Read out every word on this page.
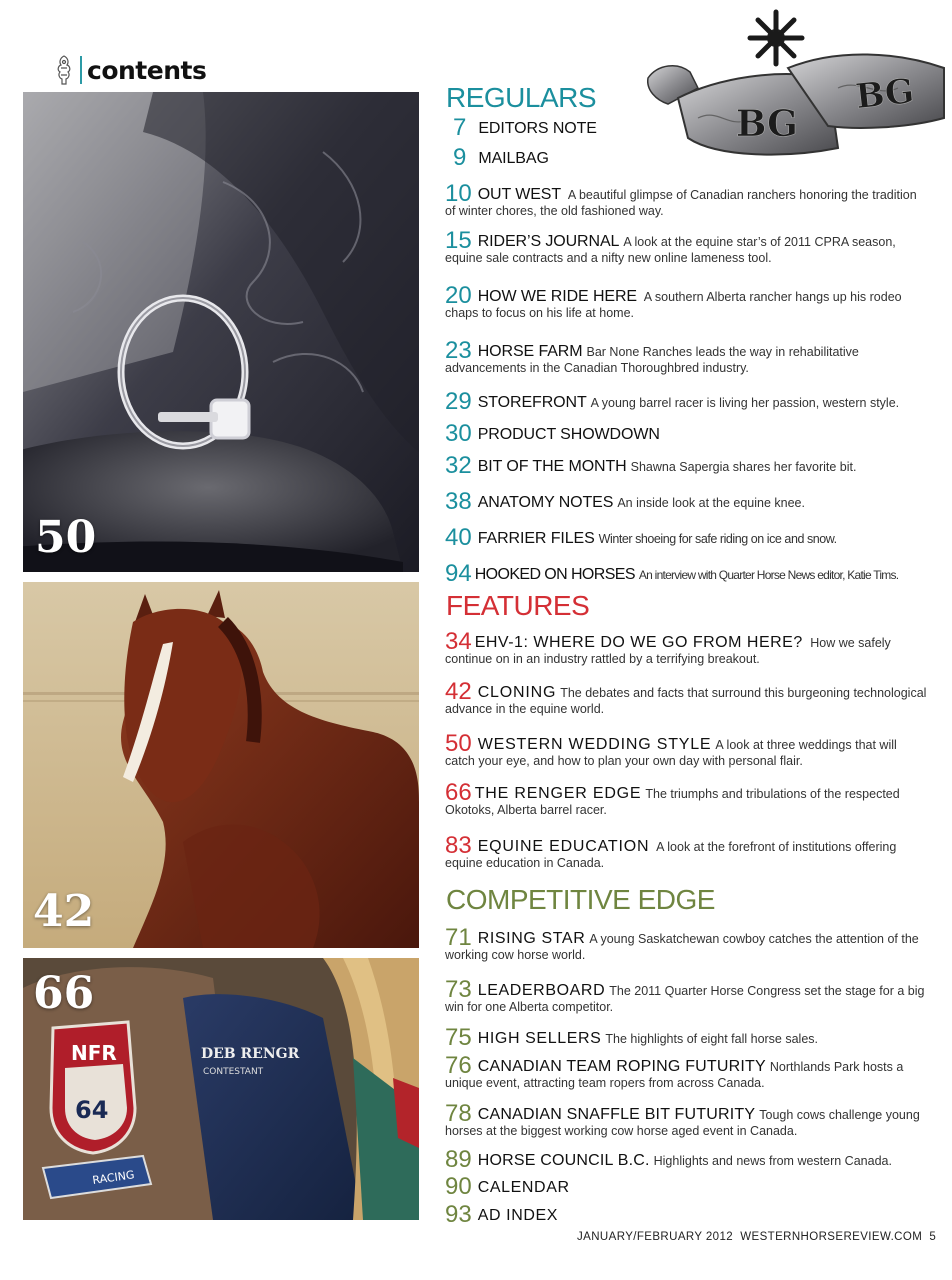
contents
50
42
NFR
64
RACING
DEB RENGR
CONTESTANT
66
BG
BG
REGULARS
7 EDITORS NOTE
9 MAILBAG
10 OUT WEST A beautiful glimpse of Canadian ranchers honoring the tradition of winter chores, the old fashioned way.
15 RIDER’S JOURNAL A look at the equine star’s of 2011 CPRA season, equine sale contracts and a nifty new online lameness tool.
20 HOW WE RIDE HERE A southern Alberta rancher hangs up his rodeo chaps to focus on his life at home.
23 HORSE FARM Bar None Ranches leads the way in rehabilitative advancements in the Canadian Thoroughbred industry.
29 STOREFRONT A young barrel racer is living her passion, western style.
30 PRODUCT SHOWDOWN
32 BIT OF THE MONTH Shawna Sapergia shares her favorite bit.
38 ANATOMY NOTES An inside look at the equine knee.
40 FARRIER FILES Winter shoeing for safe riding on ice and snow.
94 HOOKED ON HORSES An interview with Quarter Horse News editor, Katie Tims.
FEATURES
34 EHV-1: WHERE DO WE GO FROM HERE? How we safely continue on in an industry rattled by a terrifying breakout.
42 CLONING The debates and facts that surround this burgeoning technological advance in the equine world.
50 WESTERN WEDDING STYLE A look at three weddings that will catch your eye, and how to plan your own day with personal flair.
66 THE RENGER EDGE The triumphs and tribulations of the respected Okotoks, Alberta barrel racer.
83 EQUINE EDUCATION A look at the forefront of institutions offering equine education in Canada.
COMPETITIVE EDGE
71 RISING STAR A young Saskatchewan cowboy catches the attention of the working cow horse world.
73 LEADERBOARD The 2011 Quarter Horse Congress set the stage for a big win for one Alberta competitor.
75 HIGH SELLERS The highlights of eight fall horse sales.
76 CANADIAN TEAM ROPING FUTURITY Northlands Park hosts a unique event, attracting team ropers from across Canada.
78 CANADIAN SNAFFLE BIT FUTURITY Tough cows challenge young horses at the biggest working cow horse aged event in Canada.
89 HORSE COUNCIL B.C. Highlights and news from western Canada.
90 CALENDAR
93 AD INDEX
JANUARY/FEBRUARY 2012 WESTERNHORSEREVIEW.COM 5
